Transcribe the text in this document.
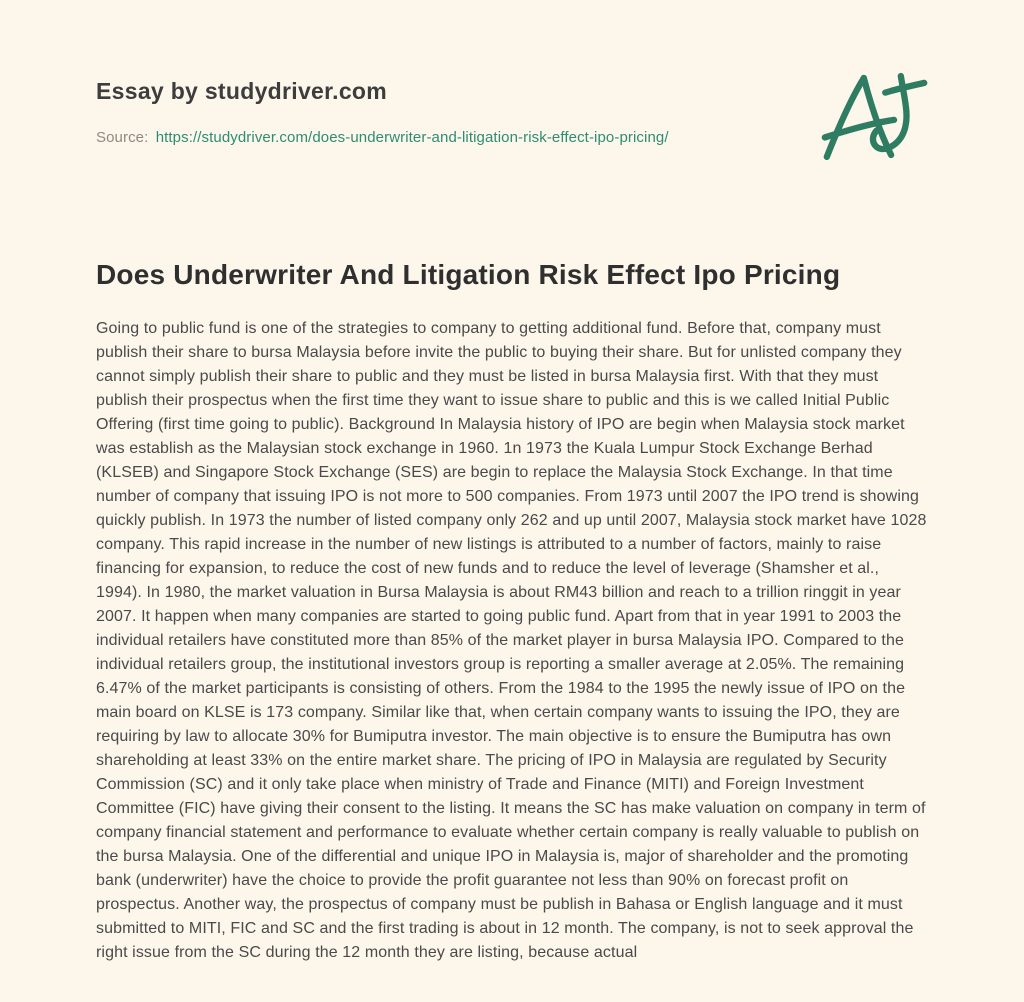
Essay by studydriver.com

Source: https://studydriver.com/does-underwriter-and-litigation-risk-effect-ipo-pricing/

Does Underwriter And Litigation Risk Effect Ipo Pricing

Going to public fund is one of the strategies to company to getting additional fund. Before that, company must publish their share to bursa Malaysia before invite the public to buying their share. But for unlisted company they cannot simply publish their share to public and they must be listed in bursa Malaysia first. With that they must publish their prospectus when the first time they want to issue share to public and this is we called Initial Public Offering (first time going to public). Background In Malaysia history of IPO are begin when Malaysia stock market was establish as the Malaysian stock exchange in 1960. 1n 1973 the Kuala Lumpur Stock Exchange Berhad (KLSEB) and Singapore Stock Exchange (SES) are begin to replace the Malaysia Stock Exchange. In that time number of company that issuing IPO is not more to 500 companies. From 1973 until 2007 the IPO trend is showing quickly publish. In 1973 the number of listed company only 262 and up until 2007, Malaysia stock market have 1028 company. This rapid increase in the number of new listings is attributed to a number of factors, mainly to raise financing for expansion, to reduce the cost of new funds and to reduce the level of leverage (Shamsher et al., 1994). In 1980, the market valuation in Bursa Malaysia is about RM43 billion and reach to a trillion ringgit in year 2007. It happen when many companies are started to going public fund. Apart from that in year 1991 to 2003 the individual retailers have constituted more than 85% of the market player in bursa Malaysia IPO. Compared to the individual retailers group, the institutional investors group is reporting a smaller average at 2.05%. The remaining 6.47% of the market participants is consisting of others. From the 1984 to the 1995 the newly issue of IPO on the main board on KLSE is 173 company. Similar like that, when certain company wants to issuing the IPO, they are requiring by law to allocate 30% for Bumiputra investor. The main objective is to ensure the Bumiputra has own shareholding at least 33% on the entire market share. The pricing of IPO in Malaysia are regulated by Security Commission (SC) and it only take place when ministry of Trade and Finance (MITI) and Foreign Investment Committee (FIC) have giving their consent to the listing. It means the SC has make valuation on company in term of company financial statement and performance to evaluate whether certain company is really valuable to publish on the bursa Malaysia. One of the differential and unique IPO in Malaysia is, major of shareholder and the promoting bank (underwriter) have the choice to provide the profit guarantee not less than 90% on forecast profit on prospectus. Another way, the prospectus of company must be publish in Bahasa or English language and it must submitted to MITI, FIC and SC and the first trading is about in 12 month. The company, is not to seek approval the right issue from the SC during the 12 month they are listing, because actual
